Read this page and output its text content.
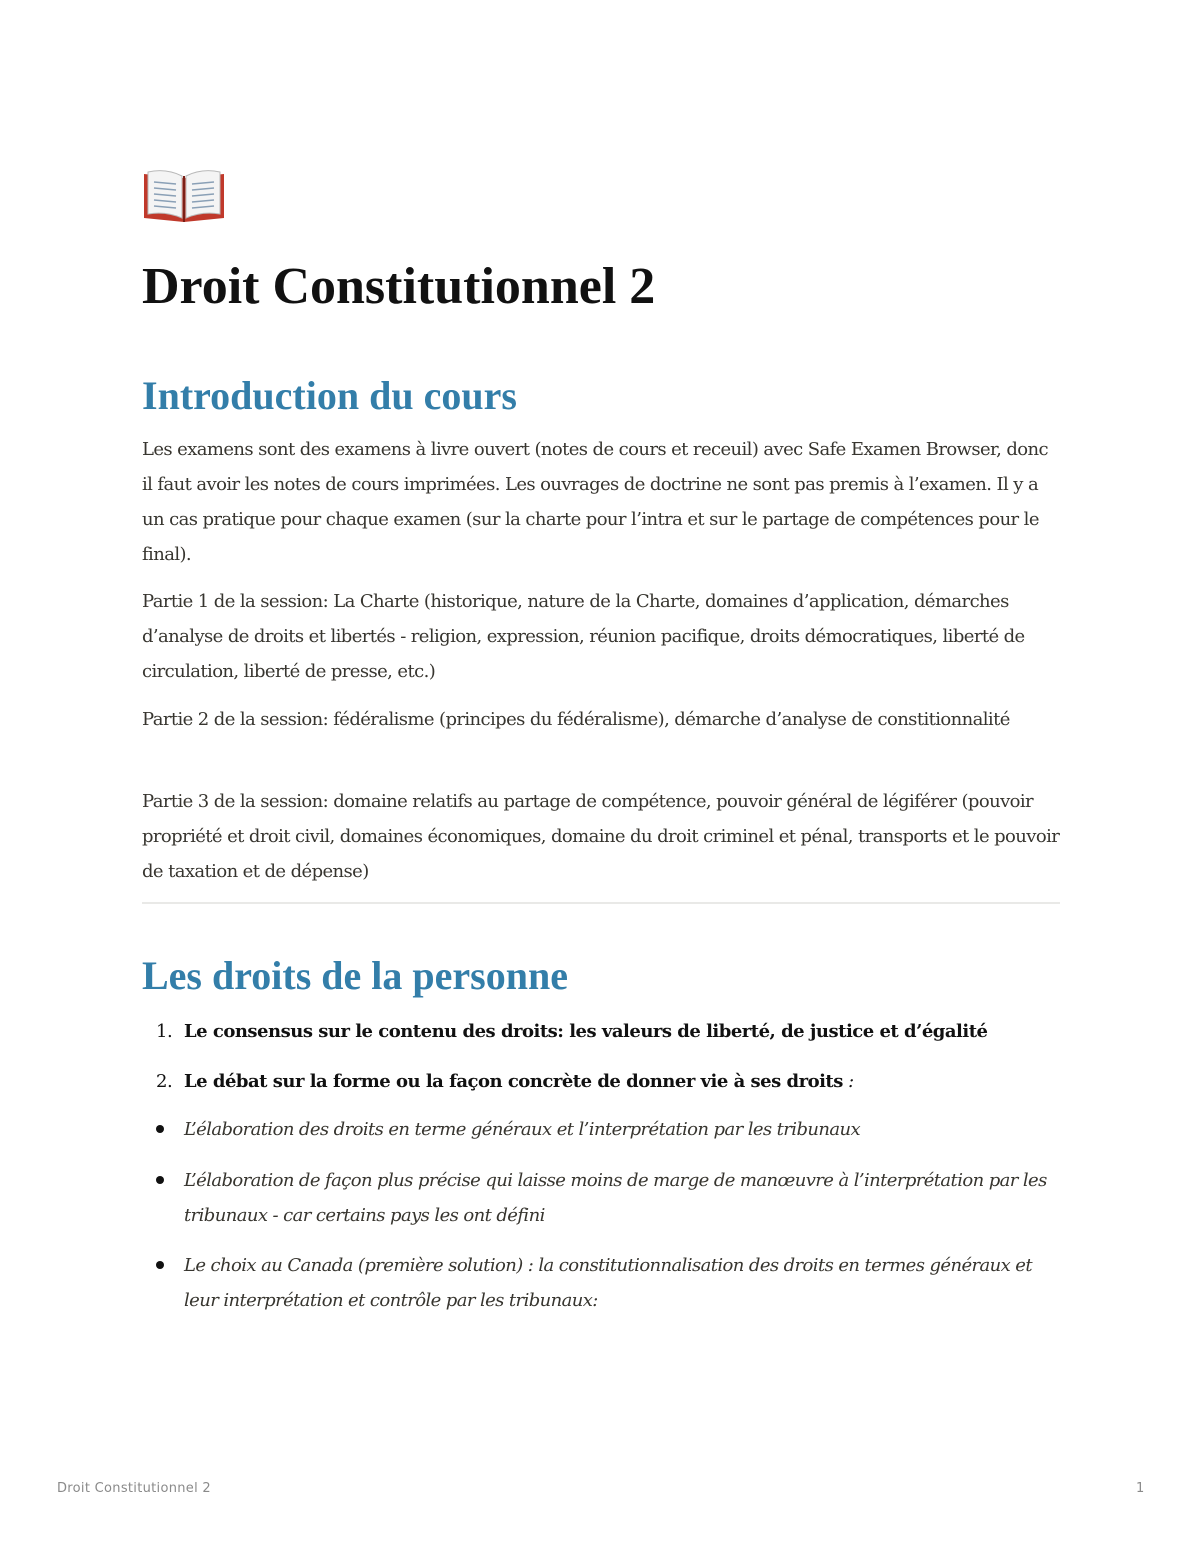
Droit Constitutionnel 2
Introduction du cours

Les examens sont des examens à livre ouvert (notes de cours et receuil) avec Safe Examen Browser, donc il faut avoir les notes de cours imprimées. Les ouvrages de doctrine ne sont pas premis à l’examen. Il y a un cas pratique pour chaque examen (sur la charte pour l’intra et sur le partage de compétences pour le final).

Partie 1 de la session: La Charte (historique, nature de la Charte, domaines d’application, démarches d’analyse de droits et libertés - religion, expression, réunion pacifique, droits démocratiques, liberté de circulation, liberté de presse, etc.)

Partie 2 de la session: fédéralisme (principes du fédéralisme), démarche d’analyse de constitionnalité

Partie 3 de la session: domaine relatifs au partage de compétence, pouvoir général de légiférer (pouvoir propriété et droit civil, domaines économiques, domaine du droit criminel et pénal, transports et le pouvoir de taxation et de dépense)

Les droits de la personne
1. Le consensus sur le contenu des droits: les valeurs de liberté, de justice et d’égalité
2. Le débat sur la forme ou la façon concrète de donner vie à ses droits :
L’élaboration des droits en terme généraux et l’interprétation par les tribunaux
L’élaboration de façon plus précise qui laisse moins de marge de manœuvre à l’interprétation par les tribunaux - car certains pays les ont défini
Le choix au Canada (première solution) : la constitutionnalisation des droits en termes généraux et leur interprétation et contrôle par les tribunaux:
Droit Constitutionnel 2	1
